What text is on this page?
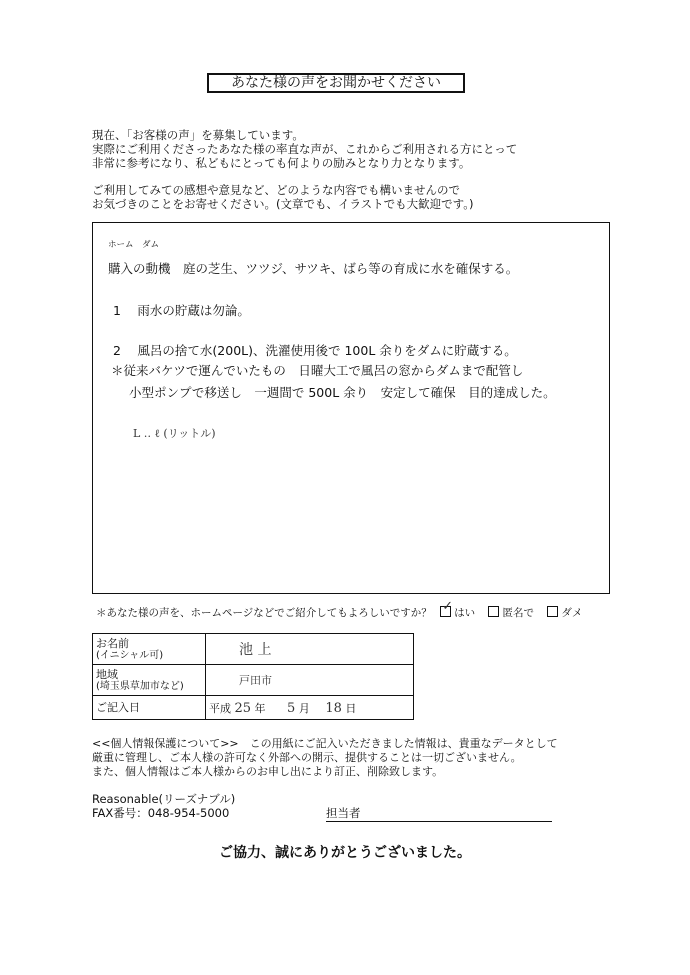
あなた様の声をお聞かせください
現在、「お客様の声」を募集しています。
実際にご利用くださったあなた様の率直な声が、これからご利用される方にとって
非常に参考になり、私どもにとっても何よりの励みとなり力となります。
ご利用してみての感想や意見など、どのような内容でも構いませんので
お気づきのことをお寄せください。(文章でも、イラストでも大歓迎です。)
ホーム　ダム
購入の動機　庭の芝生、ツツジ、サツキ、ばら等の育成に水を確保する。
1　 雨水の貯蔵は勿論。
2　 風呂の捨て水(200L)、洗濯使用後で 100L 余りをダムに貯蔵する。
＊従来バケツで運んでいたもの　日曜大工で風呂の窓からダムまで配管し
小型ポンプで移送し　一週間で 500L 余り　安定して確保　目的達成した。
L ‥ ℓ (リットル)
＊あなた様の声を、ホームページなどでご紹介してもよろしいですか？ ✓ はい	匿名で	ダメ
お名前
(イニシャル可)	池 上

地域
(埼玉県草加市など)	戸田市

ご記入日	平成 25 年 5 月 18 日
<<個人情報保護について>>　この用紙にご記入いただきました情報は、貴重なデータとして
厳重に管理し、ご本人様の許可なく外部への開示、提供することは一切ございません。
また、個人情報はご本人様からのお申し出により訂正、削除致します。
Reasonable(リーズナブル)
FAX番号：048-954-5000	担当者
ご協力、誠にありがとうございました。
